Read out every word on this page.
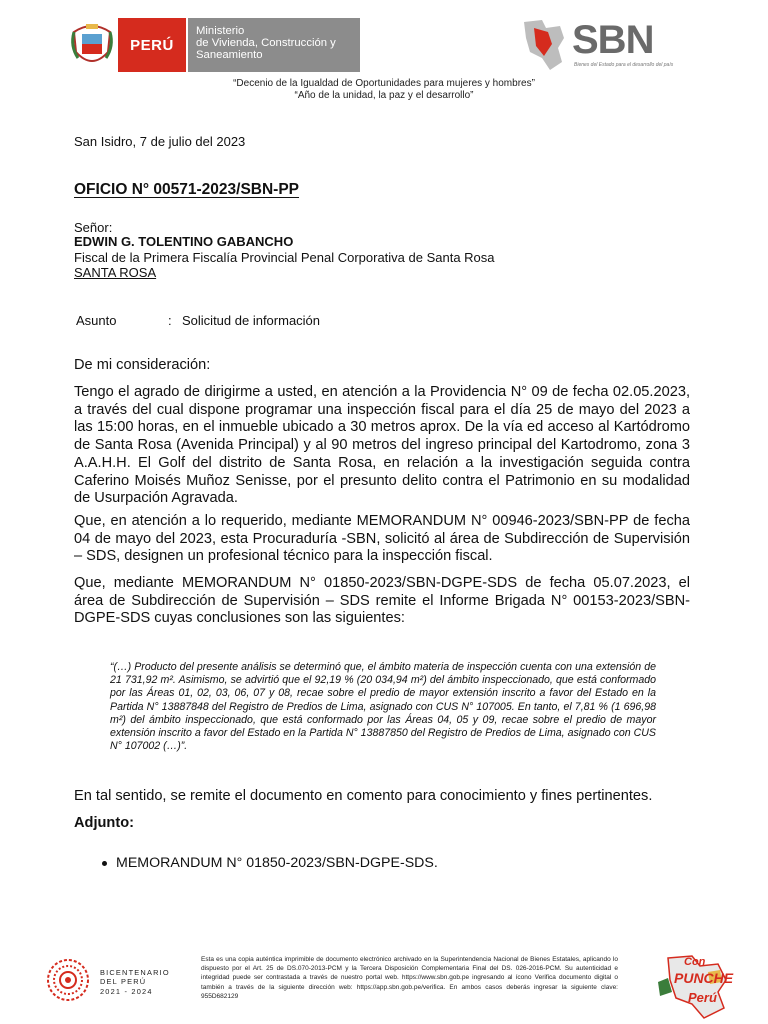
PERÚ
Ministerio
de Vivienda, Construcción y
Saneamiento	SBN
Bienes del Estado para el desarrollo del país
“Decenio de la Igualdad de Oportunidades para mujeres y hombres”
“Año de la unidad, la paz y el desarrollo”
San Isidro, 7 de julio del 2023
OFICIO N° 00571-2023/SBN-PP
Señor:
EDWIN G. TOLENTINO GABANCHO
Fiscal de la Primera Fiscalía Provincial Penal Corporativa de Santa Rosa
SANTA ROSA
Asunto	: Solicitud de información
De mi consideración:
Tengo el agrado de dirigirme a usted, en atención a la Providencia N° 09 de fecha 02.05.2023, a través del cual dispone programar una inspección fiscal para el día 25 de mayo del 2023 a las 15:00 horas, en el inmueble ubicado a 30 metros aprox. De la vía ed acceso al Kartódromo de Santa Rosa (Avenida Principal) y al 90 metros del ingreso principal del Kartodromo, zona 3 A.A.H.H. El Golf del distrito de Santa Rosa, en relación a la investigación seguida contra Caferino Moisés Muñoz Senisse, por el presunto delito contra el Patrimonio en su modalidad de Usurpación Agravada.
Que, en atención a lo requerido, mediante MEMORANDUM N° 00946-2023/SBN-PP de fecha 04 de mayo del 2023, esta Procuraduría -SBN, solicitó al área de Subdirección de Supervisión – SDS, designen un profesional técnico para la inspección fiscal.
Que, mediante MEMORANDUM N° 01850-2023/SBN-DGPE-SDS de fecha 05.07.2023, el área de Subdirección de Supervisión – SDS remite el Informe Brigada N° 00153-2023/SBN-DGPE-SDS cuyas conclusiones son las siguientes:
“(…) Producto del presente análisis se determinó que, el ámbito materia de inspección cuenta con una extensión de 21 731,92 m². Asimismo, se advirtió que el 92,19 % (20 034,94 m²) del ámbito inspeccionado, que está conformado por las Áreas 01, 02, 03, 06, 07 y 08, recae sobre el predio de mayor extensión inscrito a favor del Estado en la Partida N° 13887848 del Registro de Predios de Lima, asignado con CUS N° 107005. En tanto, el 7,81 % (1 696,98 m²) del ámbito inspeccionado, que está conformado por las Áreas 04, 05 y 09, recae sobre el predio de mayor extensión inscrito a favor del Estado en la Partida N° 13887850 del Registro de Predios de Lima, asignado con CUS N° 107002 (…)”.
En tal sentido, se remite el documento en comento para conocimiento y fines pertinentes.
Adjunto:
MEMORANDUM N° 01850-2023/SBN-DGPE-SDS.
BICENTENARIO
DEL PERÚ
2021 - 2024
Esta es una copia auténtica imprimible de documento electrónico archivado en la Superintendencia Nacional de Bienes Estatales, aplicando lo dispuesto por el Art. 25 de DS.070-2013-PCM y la Tercera Disposición Complementaria Final del DS. 026-2016-PCM. Su autenticidad e integridad puede ser contrastada a través de nuestro portal web. https://www.sbn.gob.pe ingresando al ícono Verifica documento digital o también a través de la siguiente dirección web: https://app.sbn.gob.pe/verifica. En ambos casos deberás ingresar la siguiente clave: 955D682129
Con
PUNCHE
Perú
